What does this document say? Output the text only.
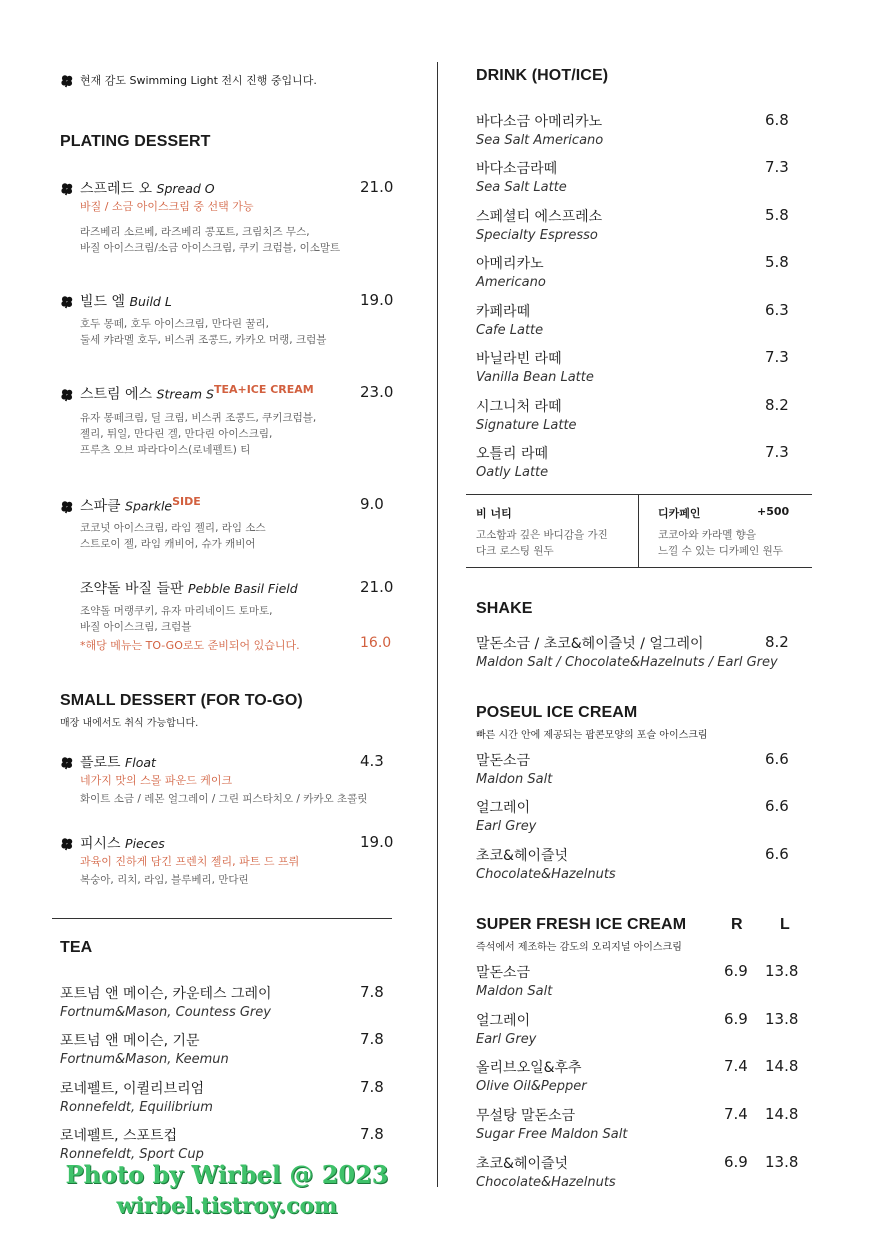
현재 감도 Swimming Light 전시 진행 중입니다.
PLATING DESSERT
스프레드 오 Spread O	21.0
바질 / 소금 아이스크림 중 선택 가능
라즈베리 소르베, 라즈베리 콩포트, 크림치즈 무스,
바질 아이스크림/소금 아이스크림, 쿠키 크럼블, 이소말트
빌드 엘 Build L	19.0
호두 몽떼, 호두 아이스크림, 만다린 꿀리,
둘세 캬라멜 호두, 비스퀴 조콩드, 카카오 머랭, 크럼블
스트림 에스 Stream $S^{TEA+ICE CREAM}$	23.0
유자 몽떼크림, 딜 크림, 비스퀴 조콩드, 쿠키크럼블,
젤리, 튀일, 만다린 겔, 만다린 아이스크림,
프루츠 오브 파라다이스(로네펠트) 티
스파클 Sparkle$^{SIDE}$	9.0
코코넛 아이스크림, 라임 젤리, 라임 소스
스트로이 젤, 라임 캐비어, 슈가 캐비어
조약돌 바질 들판 Pebble Basil Field	21.0
조약돌 머랭쿠키, 유자 마리네이드 토마토,
바질 아이스크림, 크럼블
*해당 메뉴는 TO-GO로도 준비되어 있습니다.	16.0
SMALL DESSERT (FOR TO-GO)
매장 내에서도 취식 가능합니다.
플로트 Float	4.3
네가지 맛의 스몰 파운드 케이크
화이트 소금 / 레몬 얼그레이 / 그린 피스타치오 / 카카오 초콜릿
피시스 Pieces	19.0
과육이 진하게 담긴 프렌치 젤리, 파트 드 프뤼
복숭아, 리치, 라임, 블루베리, 만다린
TEA
포트넘 앤 메이슨, 카운테스 그레이
Fortnum&Mason, Countess Grey
7.8
포트넘 앤 메이슨, 기문
Fortnum&Mason, Keemun
7.8
로네펠트, 이퀼리브리엄
Ronnefeldt, Equilibrium
7.8
로네펠트, 스포트컵
Ronnefeldt, Sport Cup
7.8
DRINK (HOT/ICE)
바다소금 아메리카노
Sea Salt Americano
6.8
바다소금라떼
Sea Salt Latte
7.3
스페셜티 에스프레소
Specialty Espresso
5.8
아메리카노
Americano
5.8
카페라떼
Cafe Latte
6.3
바닐라빈 라떼
Vanilla Bean Latte
7.3
시그니처 라떼
Signature Latte
8.2
오틀리 라떼
Oatly Latte
7.3
비 너티
고소함과 깊은 바디감을 가진
다크 로스팅 원두
디카페인	+500
코코아와 카라멜 향을
느낄 수 있는 디카페인 원두
SHAKE
말돈소금 / 초코&헤이즐넛 / 얼그레이
Maldon Salt / Chocolate&Hazelnuts / Earl Grey
8.2
POSEUL ICE CREAM
빠른 시간 안에 제공되는 팝콘모양의 포슬 아이스크림
말돈소금
Maldon Salt
6.6
얼그레이
Earl Grey
6.6
초코&헤이즐넛
Chocolate&Hazelnuts
6.6
SUPER FRESH ICE CREAM	R L
즉석에서 제조하는 감도의 오리지널 아이스크림
말돈소금
Maldon Salt
6.9 13.8
얼그레이
Earl Grey
6.9 13.8
올리브오일&후추
Olive Oil&Pepper
7.4 14.8
무설탕 말돈소금
Sugar Free Maldon Salt
7.4 14.8
초코&헤이즐넛
Chocolate&Hazelnuts
6.9 13.8
Photo by Wirbel @ 2023
wirbel.tistroy.com
